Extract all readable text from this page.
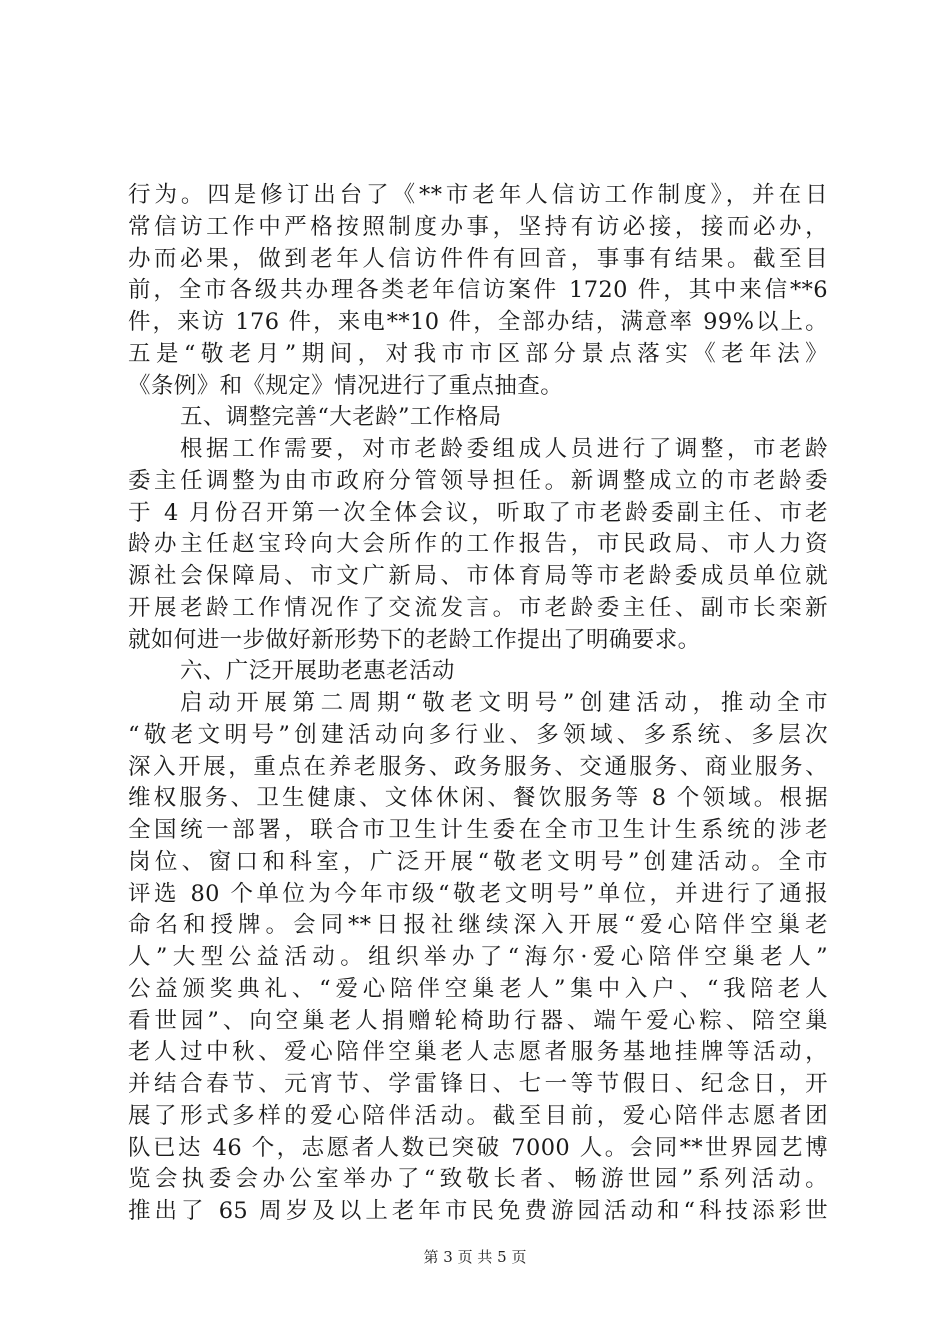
行为。四是修订出台了《**市老年人信访工作制度》，并在日
常信访工作中严格按照制度办事，坚持有访必接，接而必办，
办而必果，做到老年人信访件件有回音，事事有结果。截至目
前，全市各级共办理各类老年信访案件 1720 件，其中来信**6
件，来访 176 件，来电**10 件，全部办结，满意率 99%以上。
五是“敬老月”期间，对我市市区部分景点落实《老年法》
《条例》和《规定》情况进行了重点抽查。
五、调整完善“大老龄”工作格局
根据工作需要，对市老龄委组成人员进行了调整，市老龄
委主任调整为由市政府分管领导担任。新调整成立的市老龄委
于 4 月份召开第一次全体会议，听取了市老龄委副主任、市老
龄办主任赵宝玲向大会所作的工作报告，市民政局、市人力资
源社会保障局、市文广新局、市体育局等市老龄委成员单位就
开展老龄工作情况作了交流发言。市老龄委主任、副市长栾新
就如何进一步做好新形势下的老龄工作提出了明确要求。
六、广泛开展助老惠老活动
启动开展第二周期“敬老文明号”创建活动，推动全市
“敬老文明号”创建活动向多行业、多领域、多系统、多层次
深入开展，重点在养老服务、政务服务、交通服务、商业服务、
维权服务、卫生健康、文体休闲、餐饮服务等 8 个领域。根据
全国统一部署，联合市卫生计生委在全市卫生计生系统的涉老
岗位、窗口和科室，广泛开展“敬老文明号”创建活动。全市
评选 80 个单位为今年市级“敬老文明号”单位，并进行了通报
命名和授牌。会同**日报社继续深入开展“爱心陪伴空巢老
人”大型公益活动。组织举办了“海尔·爱心陪伴空巢老人”
公益颁奖典礼、“爱心陪伴空巢老人”集中入户、“我陪老人
看世园”、向空巢老人捐赠轮椅助行器、端午爱心粽、陪空巢
老人过中秋、爱心陪伴空巢老人志愿者服务基地挂牌等活动，
并结合春节、元宵节、学雷锋日、七一等节假日、纪念日，开
展了形式多样的爱心陪伴活动。截至目前，爱心陪伴志愿者团
队已达 46 个，志愿者人数已突破 7000 人。会同**世界园艺博
览会执委会办公室举办了“致敬长者、畅游世园”系列活动。
推出了 65 周岁及以上老年市民免费游园活动和“科技添彩世
第 3 页 共 5 页
